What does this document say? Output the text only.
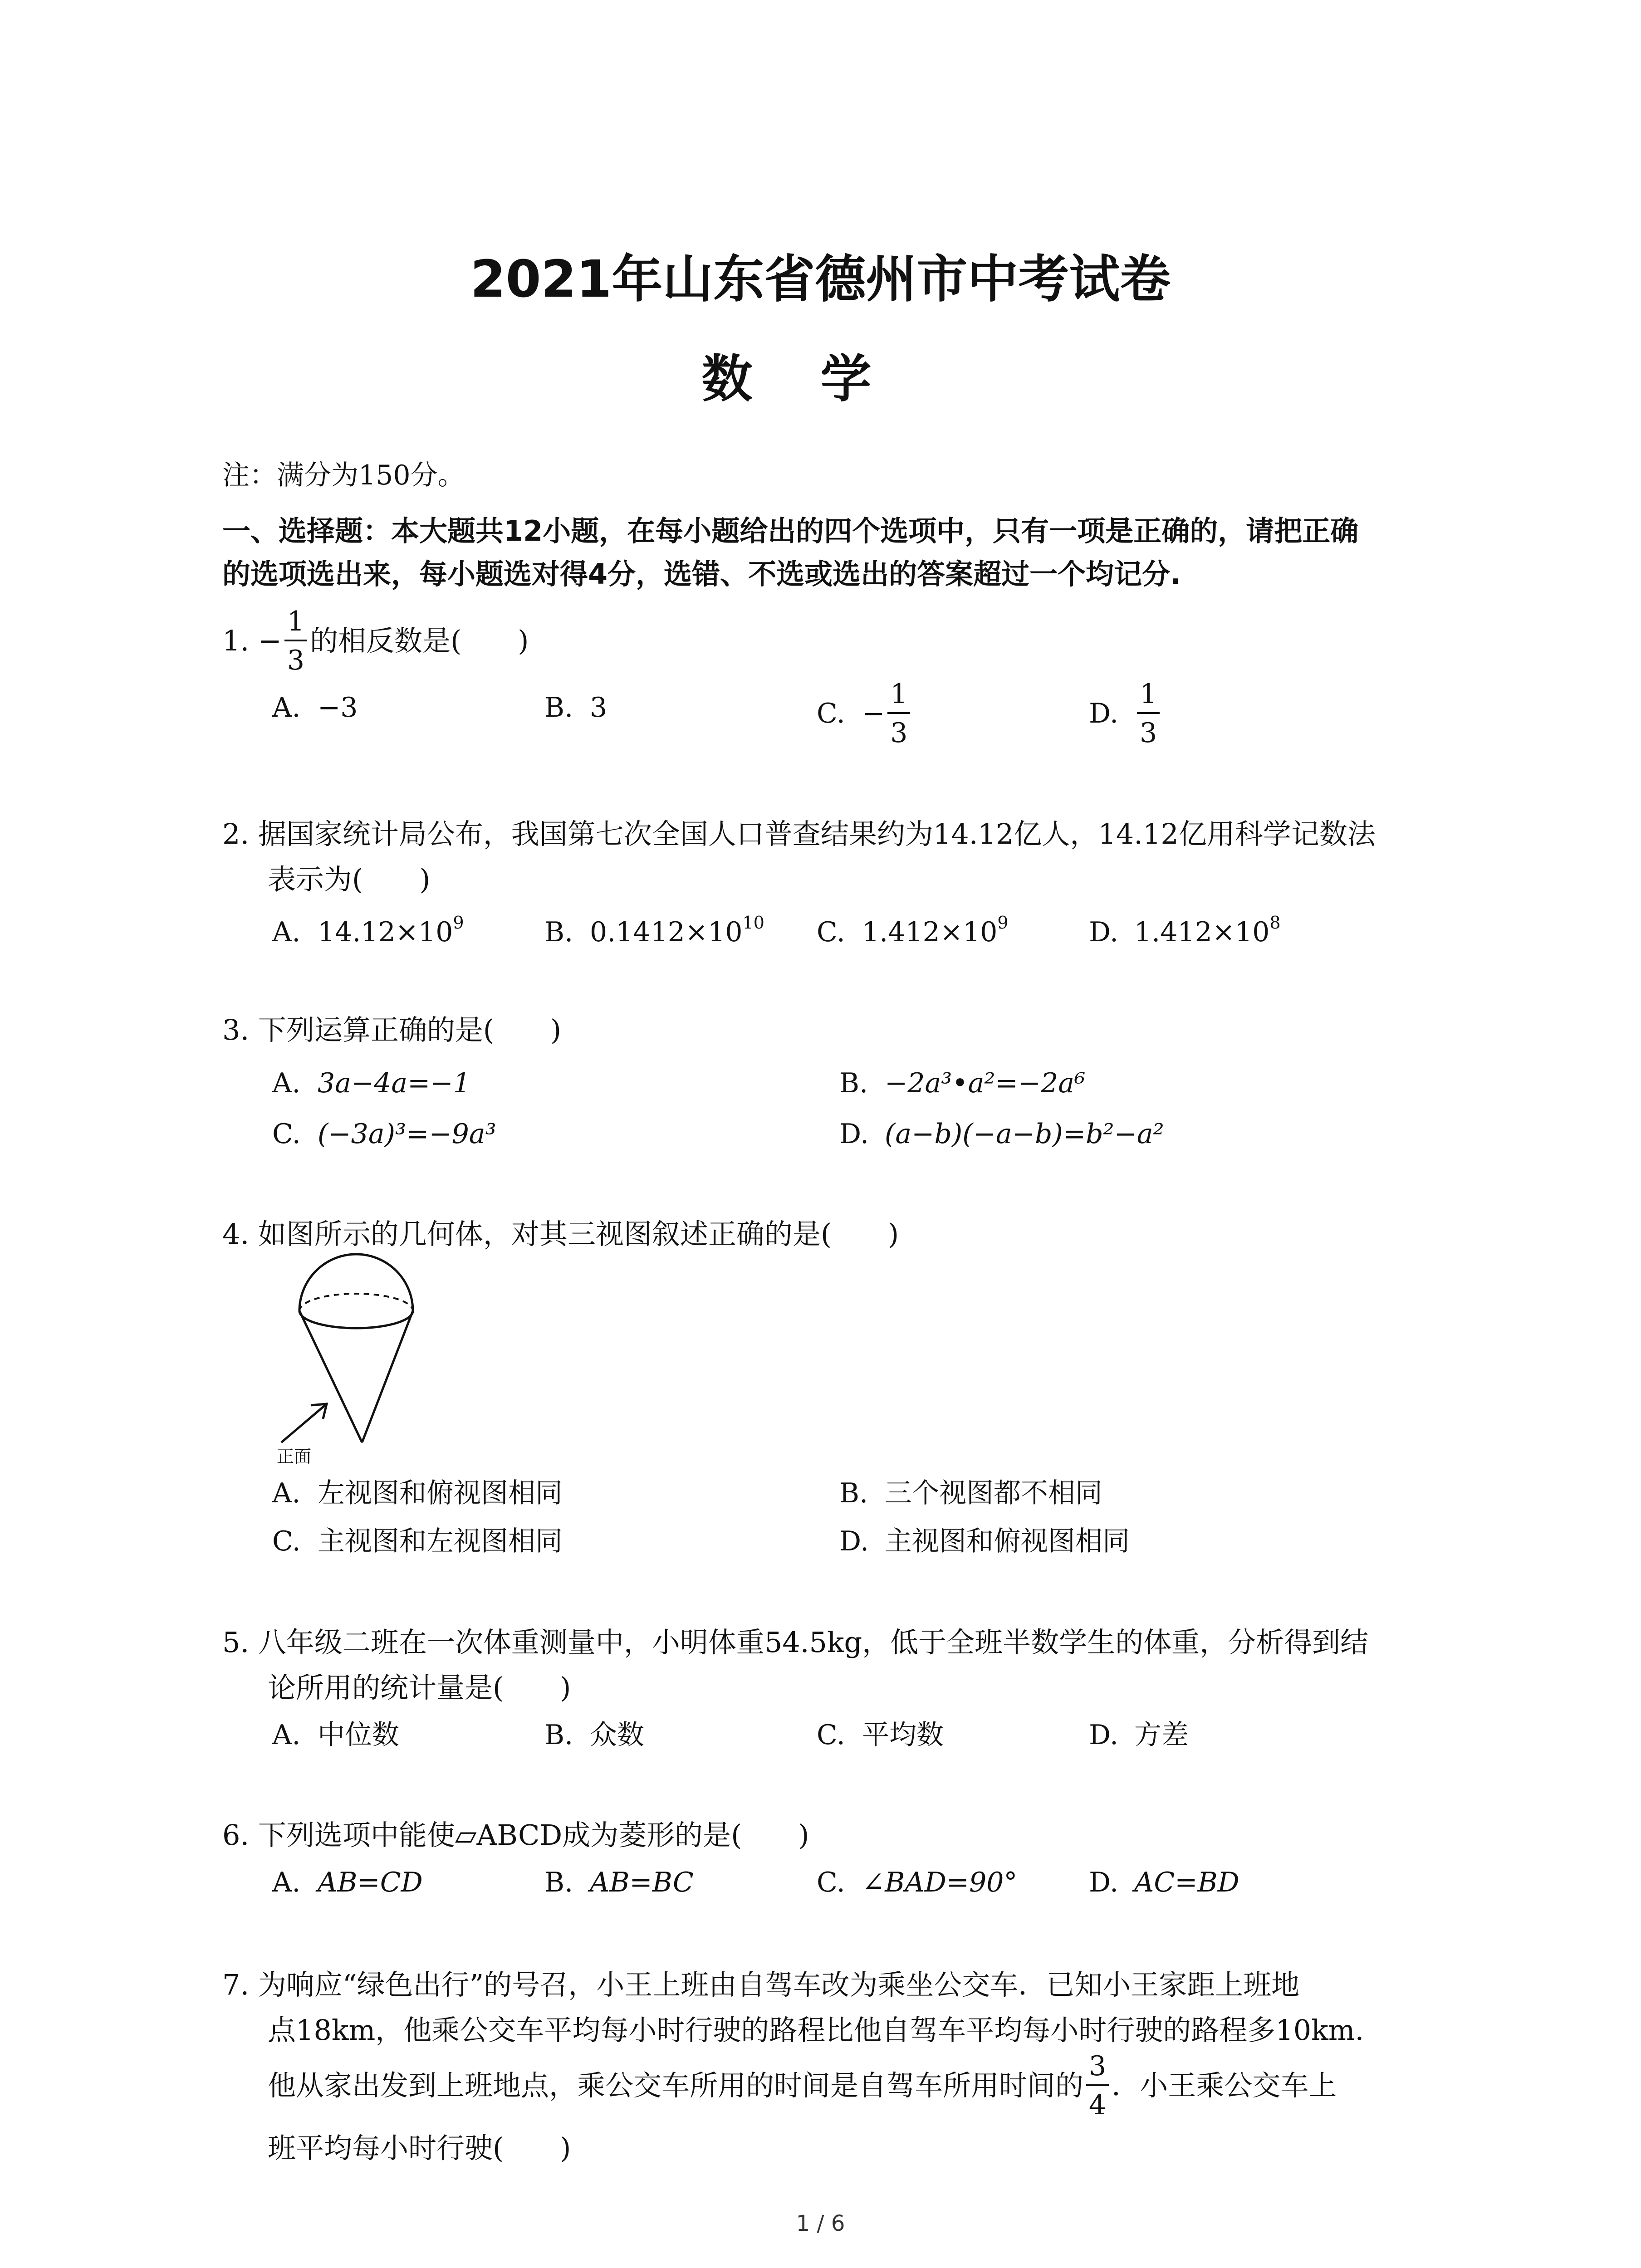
2021年山东省德州市中考试卷
数学
注：满分为150分。
一、选择题：本大题共12小题，在每小题给出的四个选项中，只有一项是正确的，请把正确
的选项选出来，每小题选对得4分，选错、不选或选出的答案超过一个均记分.
1. − $\frac{1}{3}$ 的相反数是(　　)
A. −3	B. 3	C. − $\frac{1}{3}$	D. $\frac{1}{3}$
2. 据国家统计局公布，我国第七次全国人口普查结果约为14.12亿人，14.12亿用科学记数法
表示为(　　)
A. $14.12\times 10^9$	B. $0.1412\times 10^{10}$ C. $1.412\times 10^9$	D. $1.412\times 10^8$
3. 下列运算正确的是(　　)
A. 3a−4a=−1	B. −2a³•a²=−2a⁶
C. (−3a)³=−9a³	D. (a−b)(−a−b)=b²−a²
4. 如图所示的几何体，对其三视图叙述正确的是(　　)
正面
A. 左视图和俯视图相同	B. 三个视图都不相同
C. 主视图和左视图相同	D. 主视图和俯视图相同
5. 八年级二班在一次体重测量中，小明体重54.5kg，低于全班半数学生的体重，分析得到结
论所用的统计量是(　　)
A. 中位数	B. 众数	C. 平均数	D. 方差
6. 下列选项中能使▱ABCD成为菱形的是(　　)
A. AB=CD	B. AB=BC	C. ∠BAD=90°	D. AC=BD
7. 为响应“绿色出行”的号召，小王上班由自驾车改为乘坐公交车．已知小王家距上班地
点18km，他乘公交车平均每小时行驶的路程比他自驾车平均每小时行驶的路程多10km.
他从家出发到上班地点，乘公交车所用的时间是自驾车所用时间的 $\frac{3}{4}$ ．小王乘公交车上
班平均每小时行驶(　　)
1 / 6
